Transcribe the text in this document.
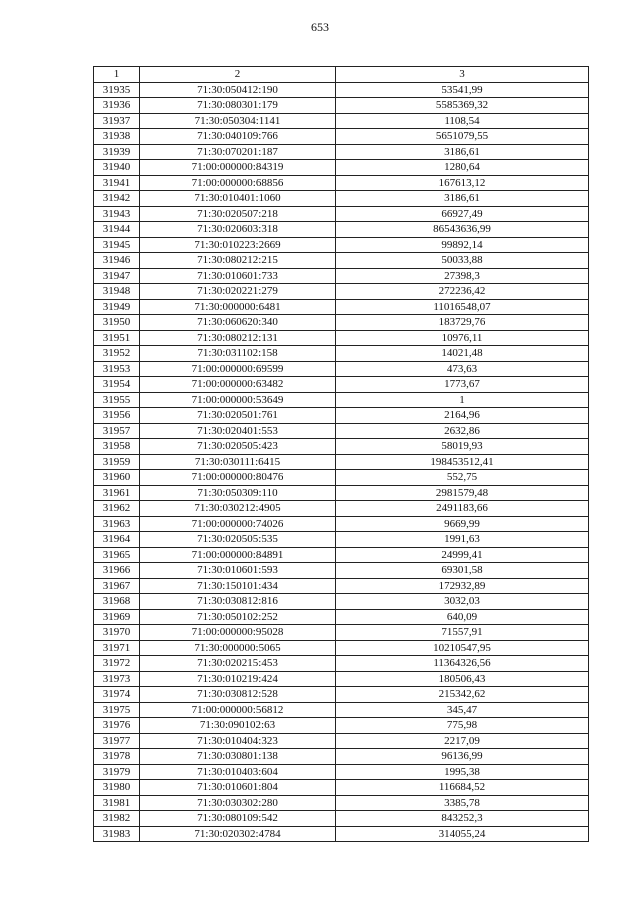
653
1	2	3
31935	71:30:050412:190	53541,99
31936	71:30:080301:179	5585369,32
31937	71:30:050304:1141	1108,54
31938	71:30:040109:766	5651079,55
31939	71:30:070201:187	3186,61
31940	71:00:000000:84319	1280,64
31941	71:00:000000:68856	167613,12
31942	71:30:010401:1060	3186,61
31943	71:30:020507:218	66927,49
31944	71:30:020603:318	86543636,99
31945	71:30:010223:2669	99892,14
31946	71:30:080212:215	50033,88
31947	71:30:010601:733	27398,3
31948	71:30:020221:279	272236,42
31949	71:30:000000:6481	11016548,07
31950	71:30:060620:340	183729,76
31951	71:30:080212:131	10976,11
31952	71:30:031102:158	14021,48
31953	71:00:000000:69599	473,63
31954	71:00:000000:63482	1773,67
31955	71:00:000000:53649	1
31956	71:30:020501:761	2164,96
31957	71:30:020401:553	2632,86
31958	71:30:020505:423	58019,93
31959	71:30:030111:6415	198453512,41
31960	71:00:000000:80476	552,75
31961	71:30:050309:110	2981579,48
31962	71:30:030212:4905	2491183,66
31963	71:00:000000:74026	9669,99
31964	71:30:020505:535	1991,63
31965	71:00:000000:84891	24999,41
31966	71:30:010601:593	69301,58
31967	71:30:150101:434	172932,89
31968	71:30:030812:816	3032,03
31969	71:30:050102:252	640,09
31970	71:00:000000:95028	71557,91
31971	71:30:000000:5065	10210547,95
31972	71:30:020215:453	11364326,56
31973	71:30:010219:424	180506,43
31974	71:30:030812:528	215342,62
31975	71:00:000000:56812	345,47
31976	71:30:090102:63	775,98
31977	71:30:010404:323	2217,09
31978	71:30:030801:138	96136,99
31979	71:30:010403:604	1995,38
31980	71:30:010601:804	116684,52
31981	71:30:030302:280	3385,78
31982	71:30:080109:542	843252,3
31983	71:30:020302:4784	314055,24
